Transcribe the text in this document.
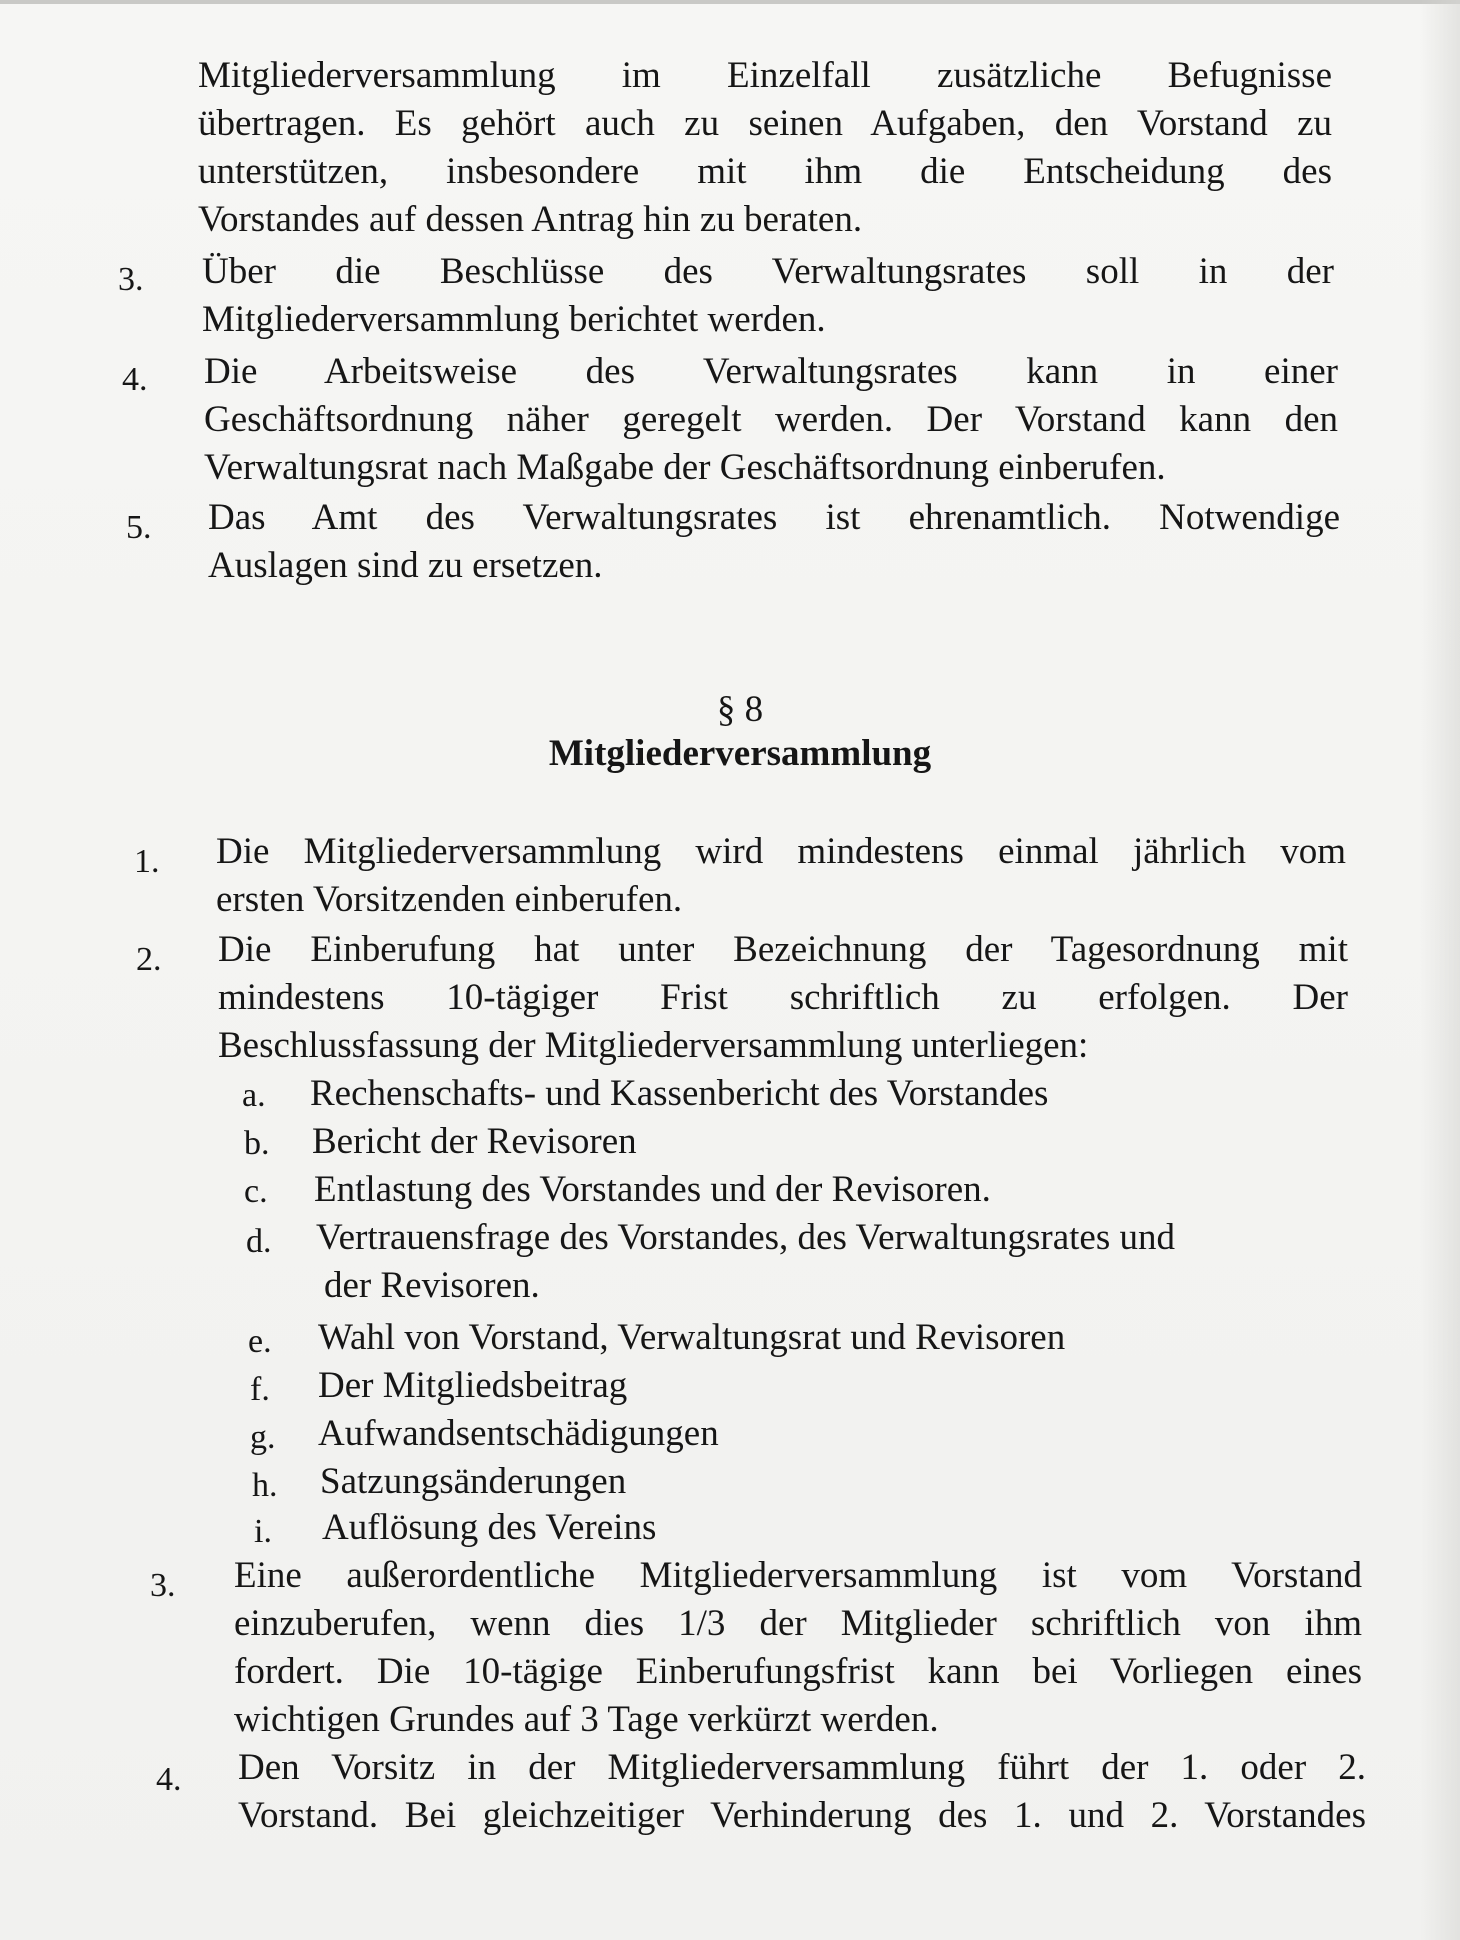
Mitgliederversammlung im Einzelfall zusätzliche Befugnisse
übertragen. Es gehört auch zu seinen Aufgaben, den Vorstand zu
unterstützen, insbesondere mit ihm die Entscheidung des
Vorstandes auf dessen Antrag hin zu beraten.
3. Über die Beschlüsse des Verwaltungsrates soll in der
Mitgliederversammlung berichtet werden.
4. Die Arbeitsweise des Verwaltungsrates kann in einer
Geschäftsordnung näher geregelt werden. Der Vorstand kann den
Verwaltungsrat nach Maßgabe der Geschäftsordnung einberufen.
5. Das Amt des Verwaltungsrates ist ehrenamtlich. Notwendige
Auslagen sind zu ersetzen.
§ 8
Mitgliederversammlung
1. Die Mitgliederversammlung wird mindestens einmal jährlich vom
ersten Vorsitzenden einberufen.
2. Die Einberufung hat unter Bezeichnung der Tagesordnung mit
mindestens 10-tägiger Frist schriftlich zu erfolgen. Der
Beschlussfassung der Mitgliederversammlung unterliegen:
a. Rechenschafts- und Kassenbericht des Vorstandes
b. Bericht der Revisoren
c. Entlastung des Vorstandes und der Revisoren.
d. Vertrauensfrage des Vorstandes, des Verwaltungsrates und
der Revisoren.
e. Wahl von Vorstand, Verwaltungsrat und Revisoren
f. Der Mitgliedsbeitrag
g. Aufwandsentschädigungen
h. Satzungsänderungen
i. Auflösung des Vereins
3. Eine außerordentliche Mitgliederversammlung ist vom Vorstand
einzuberufen, wenn dies 1/3 der Mitglieder schriftlich von ihm
fordert. Die 10-tägige Einberufungsfrist kann bei Vorliegen eines
wichtigen Grundes auf 3 Tage verkürzt werden.
4. Den Vorsitz in der Mitgliederversammlung führt der 1. oder 2.
Vorstand. Bei gleichzeitiger Verhinderung des 1. und 2. Vorstandes
